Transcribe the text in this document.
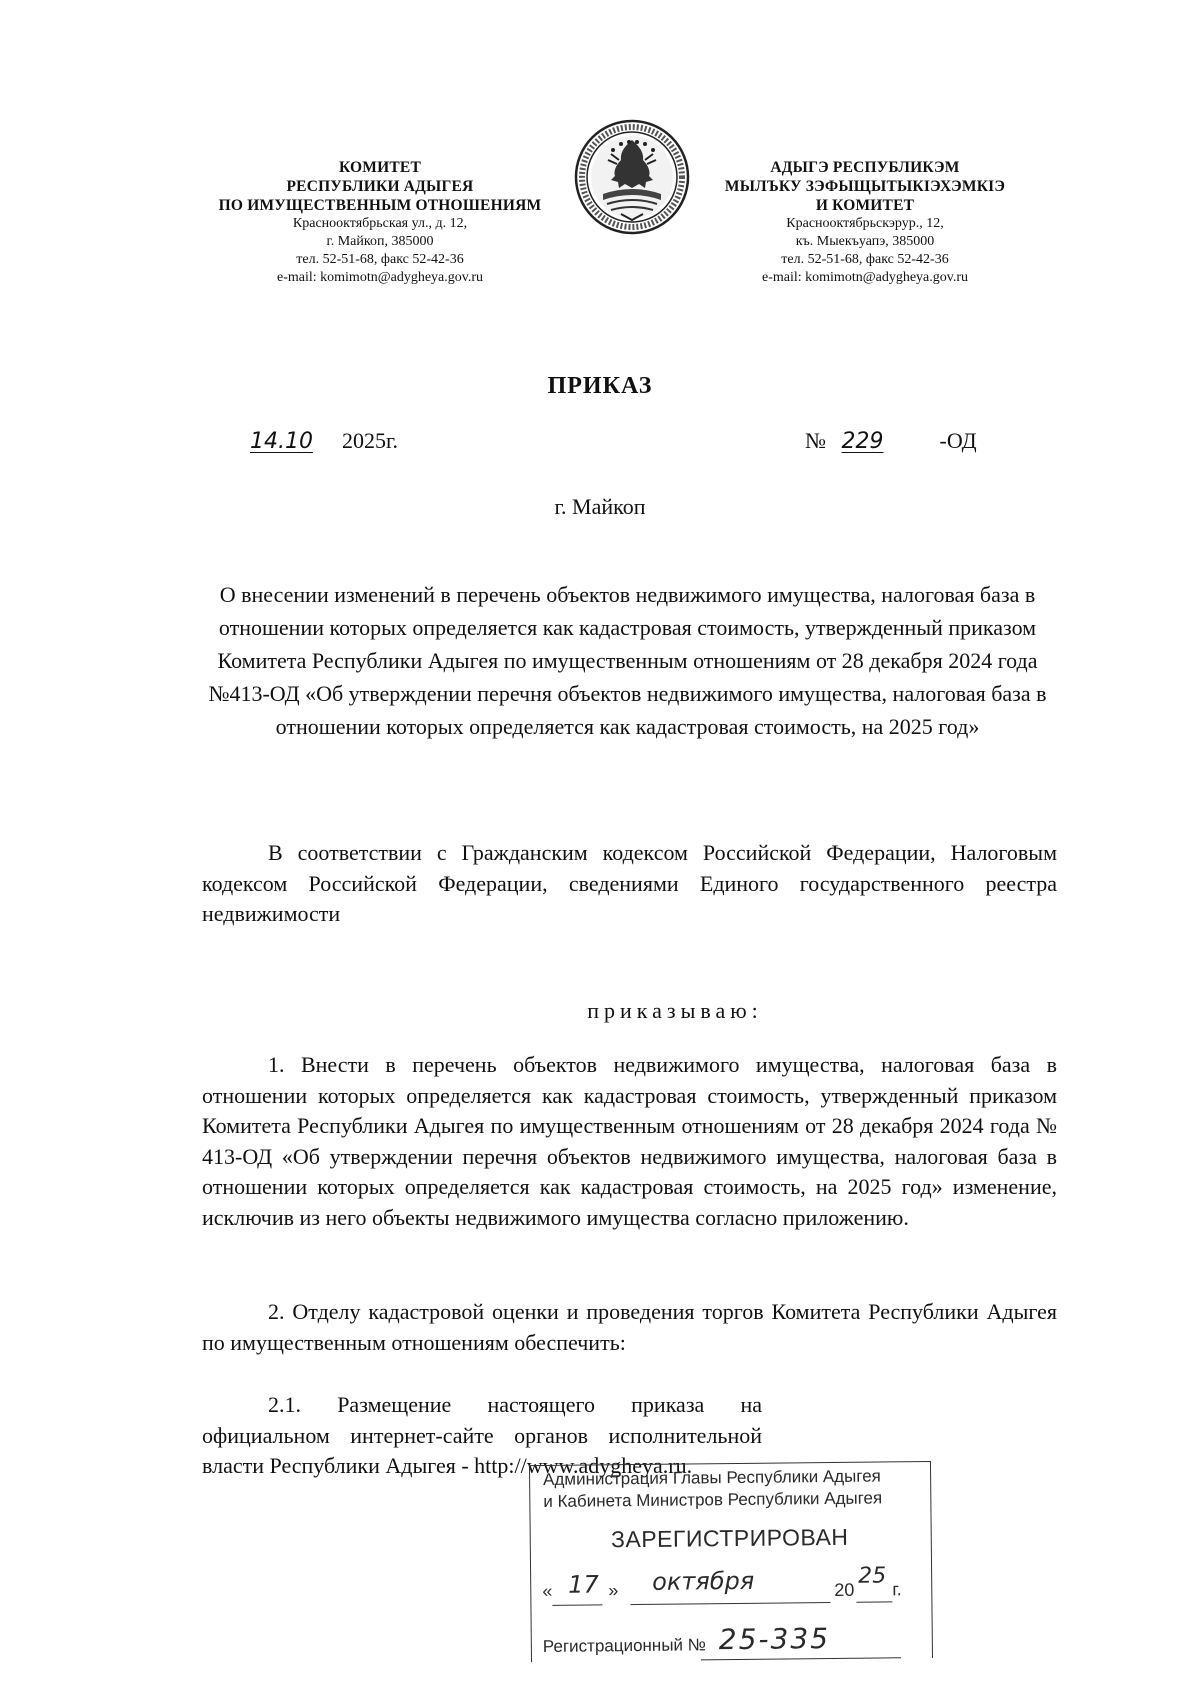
КОМИТЕТ
РЕСПУБЛИКИ АДЫГЕЯ
ПО ИМУЩЕСТВЕННЫМ ОТНОШЕНИЯМ
Краснооктябрьская ул., д. 12,
г. Майкоп, 385000
тел. 52-51-68, факс 52-42-36
e-mail: komimotn@adygheya.gov.ru
АДЫГЭ РЕСПУБЛИКЭМ
МЫЛЪКУ ЗЭФЫЩЫТЫКIЭХЭМКIЭ
И КОМИТЕТ
Краснооктябрьскэрур., 12,
къ. Мыекъуапэ, 385000
тел. 52-51-68, факс 52-42-36
e-mail: komimotn@adygheya.gov.ru
ПРИКАЗ
14.10 2025г.	№ 229	-ОД
г. Майкоп
О внесении изменений в перечень объектов недвижимого имущества, налоговая база в отношении которых определяется как кадастровая стоимость, утвержденный приказом Комитета Республики Адыгея по имущественным отношениям от 28 декабря 2024 года №413-ОД «Об утверждении перечня объектов недвижимого имущества, налоговая база в отношении которых определяется как кадастровая стоимость, на 2025 год»
В соответствии с Гражданским кодексом Российской Федерации, Налоговым кодексом Российской Федерации, сведениями Единого государственного реестра недвижимости
приказываю:
1. Внести в перечень объектов недвижимого имущества, налоговая база в отношении которых определяется как кадастровая стоимость, утвержденный приказом Комитета Республики Адыгея по имущественным отношениям от 28 декабря 2024 года № 413-ОД «Об утверждении перечня объектов недвижимого имущества, налоговая база в отношении которых определяется как кадастровая стоимость, на 2025 год» изменение, исключив из него объекты недвижимого имущества согласно приложению.
2. Отделу кадастровой оценки и проведения торгов Комитета Республики Адыгея по имущественным отношениям обеспечить:
2.1. Размещение настоящего приказа на официальном интернет-сайте органов исполнительной власти Республики Адыгея - http://www.adygheya.ru.
Администрация Главы Республики Адыгея
и Кабинета Министров Республики Адыгея
ЗАРЕГИСТРИРОВАН
« 17 » октября	20
25
г.
Регистрационный № 25-335
